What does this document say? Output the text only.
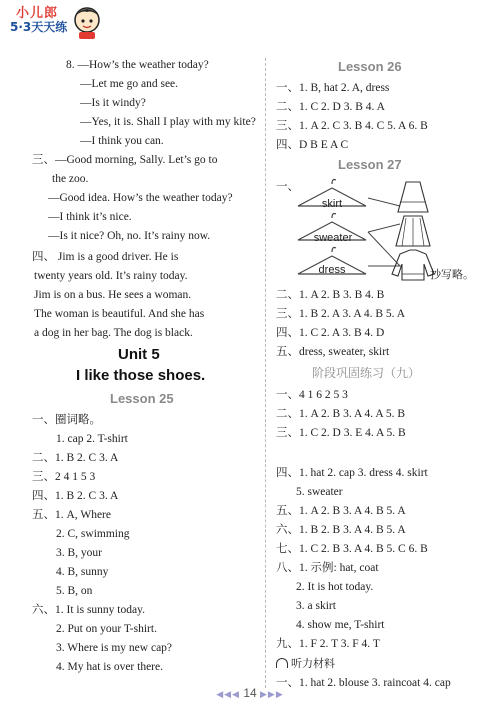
小儿郎
5·3天天练
8. —How’s the weather today?
—Let me go and see.
—Is it windy?
—Yes, it is. Shall I play with my kite?
—I think you can.
三、—Good morning, Sally. Let’s go to
the zoo.
—Good idea. How’s the weather today?
—I think it’s nice.
—Is it nice? Oh, no. It’s rainy now.
四、 Jim is a good driver. He is
twenty years old. It’s rainy today.
Jim is on a bus. He sees a woman.
The woman is beautiful. And she has
a dog in her bag. The dog is black.
Unit 5
I like those shoes.
Lesson 25
一、圈词略。
1. cap 2. T-shirt
二、1. B 2. C 3. A
三、2 4 1 5 3
四、1. B 2. C 3. A
五、1. A, Where
2. C, swimming
3. B, your
4. B, sunny
5. B, on
六、1. It is sunny today.
2. Put on your T-shirt.
3. Where is my new cap?
4. My hat is over there.
Lesson 26
一、1. B, hat 2. A, dress
二、1. C 2. D 3. B 4. A
三、1. A 2. C 3. B 4. C 5. A 6. B
四、D B E A C
Lesson 27
一、
skirt
sweater
dress	抄写略。
二、1. A 2. B 3. B 4. B
三、1. B 2. A 3. A 4. B 5. A
四、1. C 2. A 3. B 4. D
五、dress, sweater, skirt
阶段巩固练习（九）
一、4 1 6 2 5 3
二、1. A 2. B 3. A 4. A 5. B
三、1. C 2. D 3. E 4. A 5. B
四、1. hat 2. cap 3. dress 4. skirt
5. sweater
五、1. A 2. B 3. A 4. B 5. A
六、1. B 2. B 3. A 4. B 5. A
七、1. C 2. B 3. A 4. B 5. C 6. B
八、1. 示例: hat, coat
2. It is hot today.
3. a skirt
4. show me, T-shirt
九、1. F 2. T 3. F 4. T
听力材料
一、1. hat 2. blouse 3. raincoat 4. cap
◀◀◀ 14 ▶▶▶
